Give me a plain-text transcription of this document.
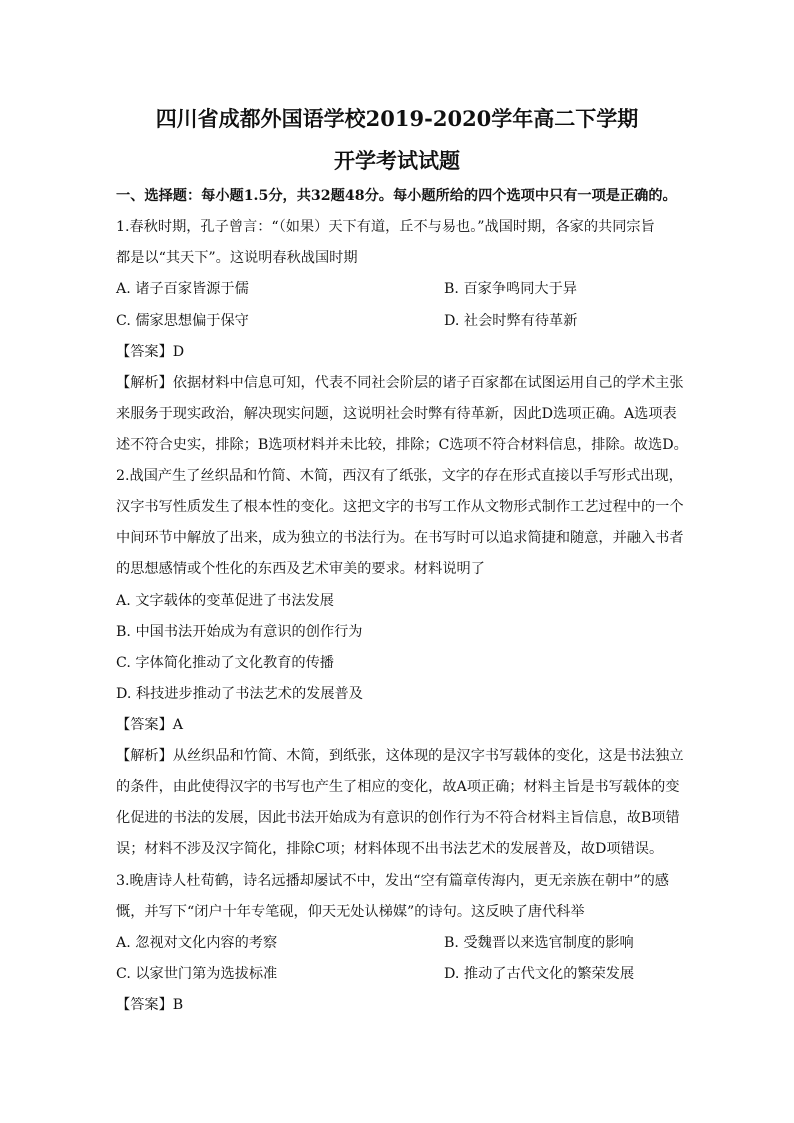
四川省成都外国语学校2019-2020学年高二下学期
开学考试试题
一、选择题：每小题1.5分，共32题48分。每小题所给的四个选项中只有一项是正确的。
1.春秋时期，孔子曾言：“（如果）天下有道，丘不与易也。”战国时期，各家的共同宗旨
都是以“其天下”。这说明春秋战国时期
A. 诸子百家皆源于儒	B. 百家争鸣同大于异
C. 儒家思想偏于保守	D. 社会时弊有待革新
【答案】D
【解析】依据材料中信息可知，代表不同社会阶层的诸子百家都在试图运用自己的学术主张
来服务于现实政治，解决现实问题，这说明社会时弊有待革新，因此D选项正确。A选项表
述不符合史实，排除；B选项材料并未比较，排除；C选项不符合材料信息，排除。故选D。
2.战国产生了丝织品和竹简、木简，西汉有了纸张，文字的存在形式直接以手写形式出现，
汉字书写性质发生了根本性的变化。这把文字的书写工作从文物形式制作工艺过程中的一个
中间环节中解放了出来，成为独立的书法行为。在书写时可以追求简捷和随意，并融入书者
的思想感情或个性化的东西及艺术审美的要求。材料说明了
A. 文字载体的变革促进了书法发展
B. 中国书法开始成为有意识的创作行为
C. 字体简化推动了文化教育的传播
D. 科技进步推动了书法艺术的发展普及
【答案】A
【解析】从丝织品和竹简、木简，到纸张，这体现的是汉字书写载体的变化，这是书法独立
的条件，由此使得汉字的书写也产生了相应的变化，故A项正确；材料主旨是书写载体的变
化促进的书法的发展，因此书法开始成为有意识的创作行为不符合材料主旨信息，故B项错
误；材料不涉及汉字简化，排除C项；材料体现不出书法艺术的发展普及，故D项错误。
3.晚唐诗人杜荀鹤，诗名远播却屡试不中，发出“空有篇章传海内，更无亲族在朝中”的感
慨，并写下“闭户十年专笔砚，仰天无处认梯媒”的诗句。这反映了唐代科举
A. 忽视对文化内容的考察	B. 受魏晋以来选官制度的影响
C. 以家世门第为选拔标准	D. 推动了古代文化的繁荣发展
【答案】B
